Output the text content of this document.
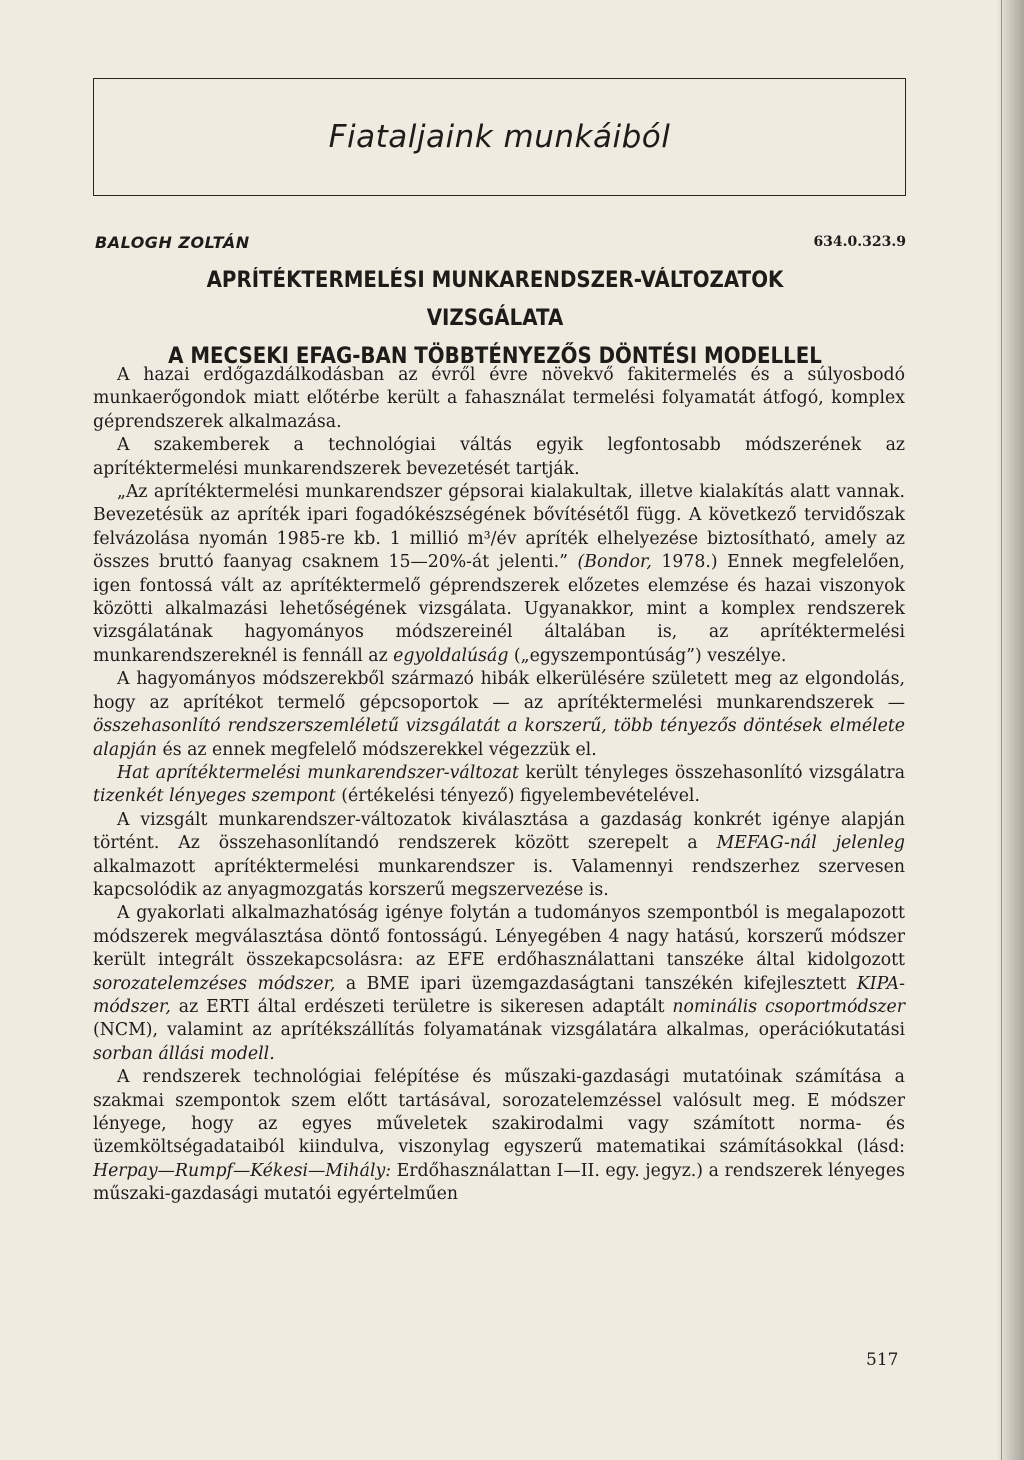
Fiataljaink munkáiból
BALOGH ZOLTÁN	634.0.323.9
APRÍTÉKTERMELÉSI MUNKARENDSZER-VÁLTOZATOK VIZSGÁLATA
A MECSEKI EFAG-BAN TÖBBTÉNYEZŐS DÖNTÉSI MODELLEL

A hazai erdőgazdálkodásban az évről évre növekvő fakitermelés és a súlyosbodó munkaerőgondok miatt előtérbe került a fahasználat termelési folyamatát átfogó, komplex géprendszerek alkalmazása.

A szakemberek a technológiai váltás egyik legfontosabb módszerének az aprítéktermelési munkarendszerek bevezetését tartják.

„Az aprítéktermelési munkarendszer gépsorai kialakultak, illetve kialakítás alatt vannak. Bevezetésük az apríték ipari fogadókészségének bővítésétől függ. A következő tervidőszak felvázolása nyomán 1985-re kb. 1 millió m³/év apríték elhelyezése biztosítható, amely az összes bruttó faanyag csaknem 15—20%-át jelenti.” (Bondor, 1978.) Ennek megfelelően, igen fontossá vált az aprítéktermelő géprendszerek előzetes elemzése és hazai viszonyok közötti alkalmazási lehetőségének vizsgálata. Ugyanakkor, mint a komplex rendszerek vizsgálatának hagyományos módszereinél általában is, az aprítéktermelési munkarendszereknél is fennáll az egyoldalúság („egyszempontúság”) veszélye.

A hagyományos módszerekből származó hibák elkerülésére született meg az elgondolás, hogy az aprítékot termelő gépcsoportok — az aprítéktermelési munkarendszerek — összehasonlító rendszerszemléletű vizsgálatát a korszerű, több tényezős döntések elmélete alapján és az ennek megfelelő módszerekkel végezzük el.

Hat aprítéktermelési munkarendszer-változat került tényleges összehasonlító vizsgálatra tizenkét lényeges szempont (értékelési tényező) figyelembevételével.

A vizsgált munkarendszer-változatok kiválasztása a gazdaság konkrét igénye alapján történt. Az összehasonlítandó rendszerek között szerepelt a MEFAG-nál jelenleg alkalmazott aprítéktermelési munkarendszer is. Valamennyi rendszerhez szervesen kapcsolódik az anyagmozgatás korszerű megszervezése is.

A gyakorlati alkalmazhatóság igénye folytán a tudományos szempontból is megalapozott módszerek megválasztása döntő fontosságú. Lényegében 4 nagy hatású, korszerű módszer került integrált összekapcsolásra: az EFE erdőhasználattani tanszéke által kidolgozott sorozatelemzéses módszer, a BME ipari üzemgazdaságtani tanszékén kifejlesztett KIPA-módszer, az ERTI által erdészeti területre is sikeresen adaptált nominális csoportmódszer (NCM), valamint az aprítékszállítás folyamatának vizsgálatára alkalmas, operációkutatási sorban állási modell.

A rendszerek technológiai felépítése és műszaki-gazdasági mutatóinak számítása a szakmai szempontok szem előtt tartásával, sorozatelemzéssel valósult meg. E módszer lényege, hogy az egyes műveletek szakirodalmi vagy számított norma- és üzemköltségadataiból kiindulva, viszonylag egyszerű matematikai számításokkal (lásd: Herpay—Rumpf—Kékesi—Mihály: Erdőhasználattan I—II. egy. jegyz.) a rendszerek lényeges műszaki-gazdasági mutatói egyértelműen

517
